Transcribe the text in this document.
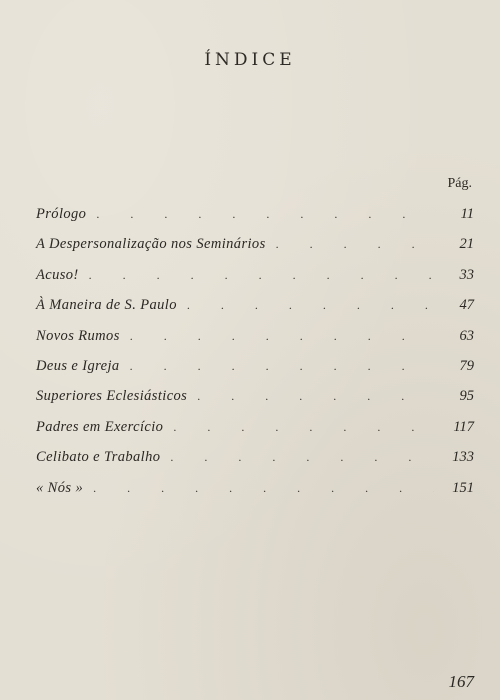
ÍNDICE
Pág.
Prólogo . . .	11
A Despersonalização nos Seminários . . .	21
Acuso! . . .	33
À Maneira de S. Paulo . . .	47
Novos Rumos . . .	63
Deus e Igreja . . .	79
Superiores Eclesiásticos . . .	95
Padres em Exercício . . .	117
Celibato e Trabalho . . .	133
« Nós » . . .	151
167
